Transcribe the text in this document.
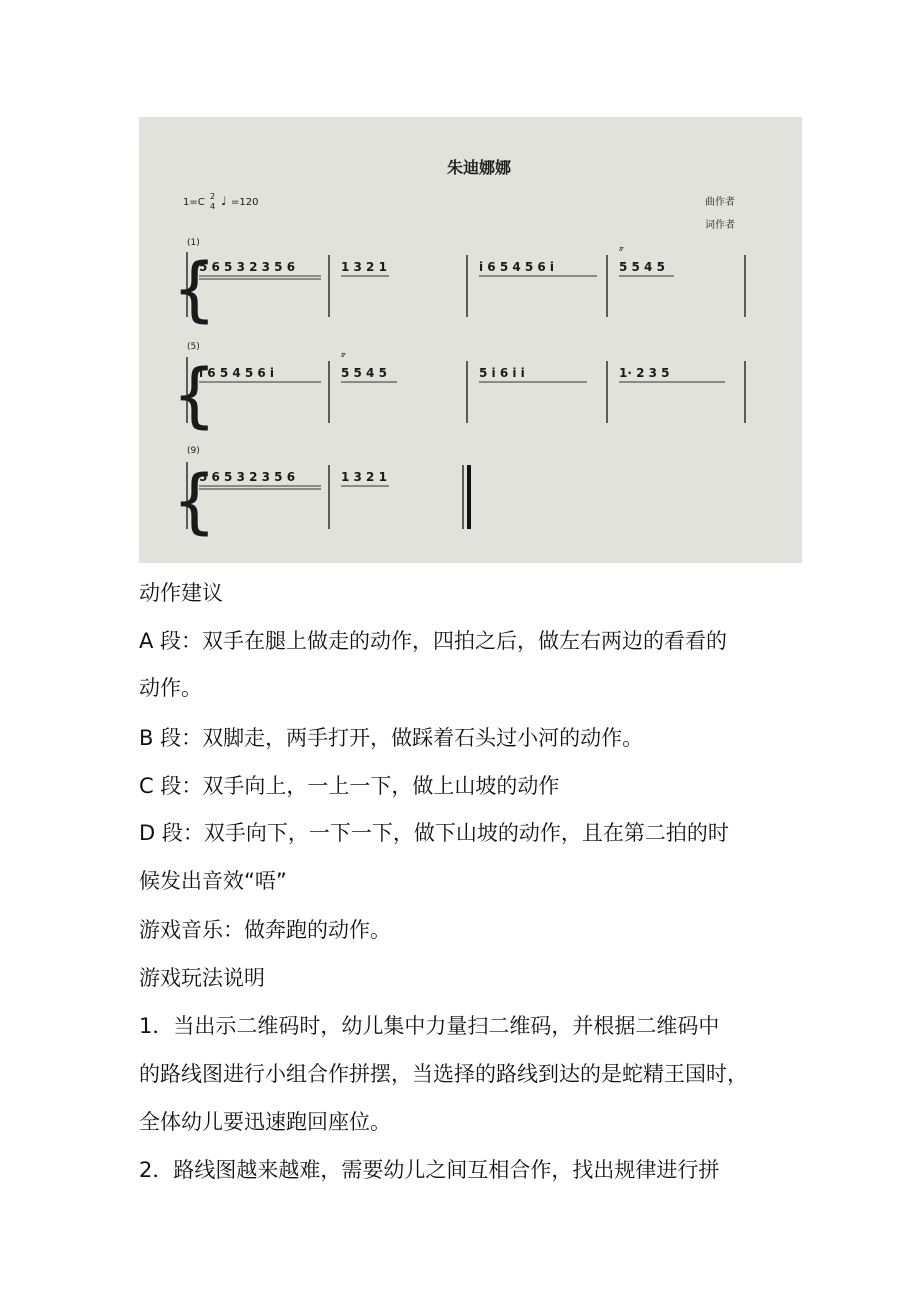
朱迪娜娜
1=C
2
4 ♩ =120	曲作者
词作者
(1)
{
5 6 5 3 2 3 5 6	1 3 2 1	i 6 5 4 5 6 i
𝆖
5 5 4 5
(5)
{
i 6 5 4 5 6 i
𝆖
5 5 4 5	5 i 6 i i	1· 2 3 5
(9)
{
5 6 5 3 2 3 5 6	1 3 2 1

动作建议

A 段：双手在腿上做走的动作，四拍之后，做左右两边的看看的

动作。

B 段：双脚走，两手打开，做踩着石头过小河的动作。

C 段：双手向上，一上一下，做上山坡的动作

D 段：双手向下，一下一下，做下山坡的动作，且在第二拍的时

候发出音效“唔”

游戏音乐：做奔跑的动作。

游戏玩法说明

1．当出示二维码时，幼儿集中力量扫二维码，并根据二维码中

的路线图进行小组合作拼摆，当选择的路线到达的是蛇精王国时，

全体幼儿要迅速跑回座位。

2．路线图越来越难，需要幼儿之间互相合作，找出规律进行拼
